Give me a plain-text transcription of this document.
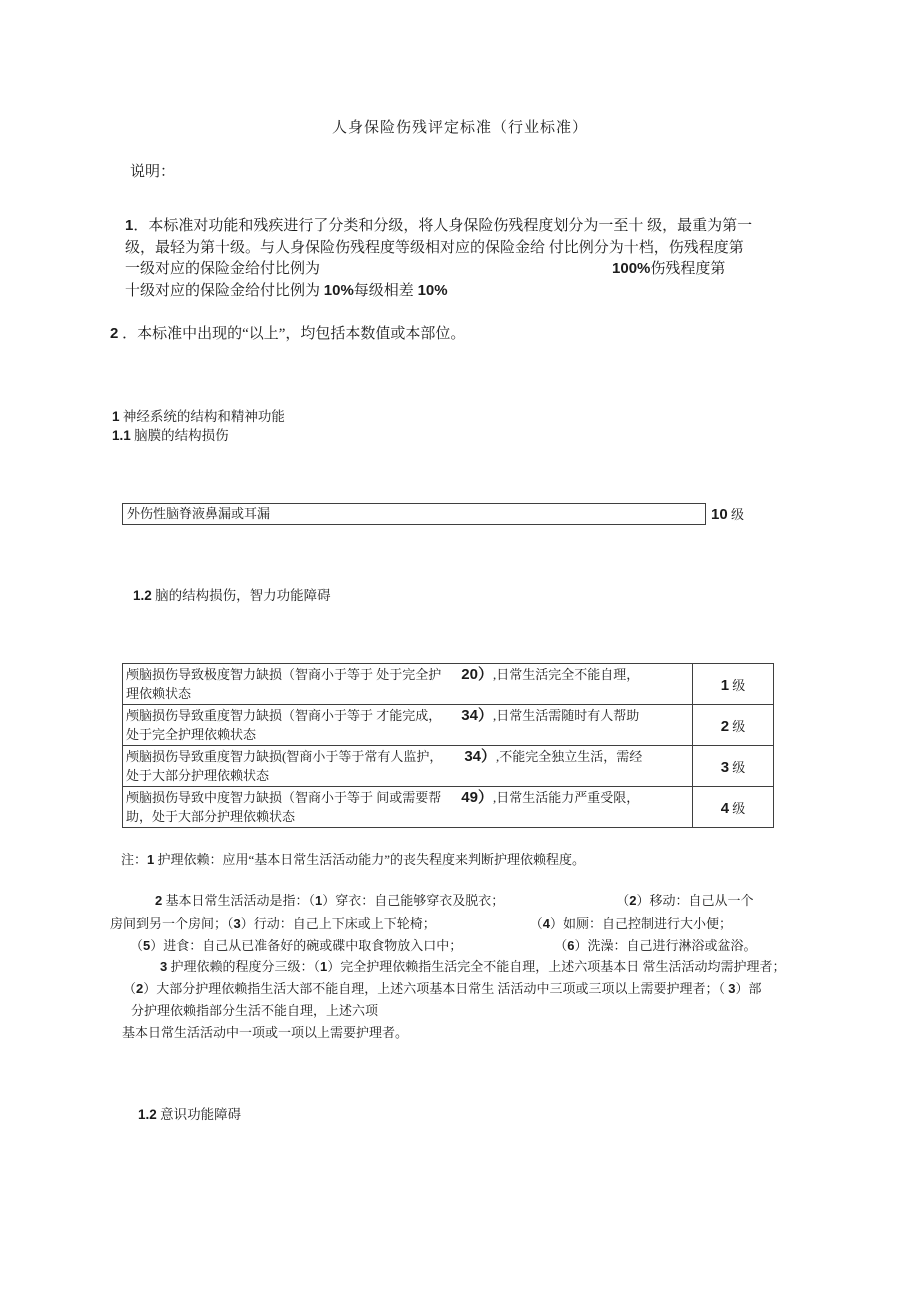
人身保险伤残评定标准（行业标准）
说明：
1．本标准对功能和残疾进行了分类和分级，将人身保险伤残程度划分为一至十 级，最重为第一
级，最轻为第十级。与人身保险伤残程度等级相对应的保险金给 付比例分为十档，伤残程度第
一级对应的保险金给付比例为	100%伤残程度第
十级对应的保险金给付比例为 10%每级相差 10%
2 ．本标准中出现的“以上”，均包括本数值或本部位。
1 神经系统的结构和精神功能
1.1 脑膜的结构损伤
外伤性脑脊液鼻漏或耳漏	10 级
1.2 脑的结构损伤，智力功能障碍
颅脑损伤导致极度智力缺损（智商小于等于 处于完全护 20）,日常生活完全不能自理，
理依赖状态	1 级

颅脑损伤导致重度智力缺损（智商小于等于 才能完成， 34）,日常生活需随时有人帮助
处于完全护理依赖状态	2 级

颅脑损伤导致重度智力缺损(智商小于等于常有人监护， 34）,不能完全独立生活，需经
处于大部分护理依赖状态	3 级

颅脑损伤导致中度智力缺损（智商小于等于 间或需要帮 49）,日常生活能力严重受限，
助，处于大部分护理依赖状态	4 级
注：1 护理依赖：应用“基本日常生活活动能力”的丧失程度来判断护理依赖程度。
2 基本日常生活活动是指：（1）穿衣：自己能够穿衣及脱衣；	（2）移动：自己从一个
房间到另一个房间；（3）行动：自己上下床或上下轮椅；	（4）如厕：自己控制进行大小便；
（5）进食：自己从已准备好的碗或碟中取食物放入口中；	（6）洗澡：自己进行淋浴或盆浴。
3 护理依赖的程度分三级：（1）完全护理依赖指生活完全不能自理，上述六项基本日 常生活活动均需护理者；
（2）大部分护理依赖指生活大部不能自理，上述六项基本日常生 活活动中三项或三项以上需要护理者；（ 3）部
分护理依赖指部分生活不能自理，上述六项
基本日常生活活动中一项或一项以上需要护理者。
1.2 意识功能障碍
